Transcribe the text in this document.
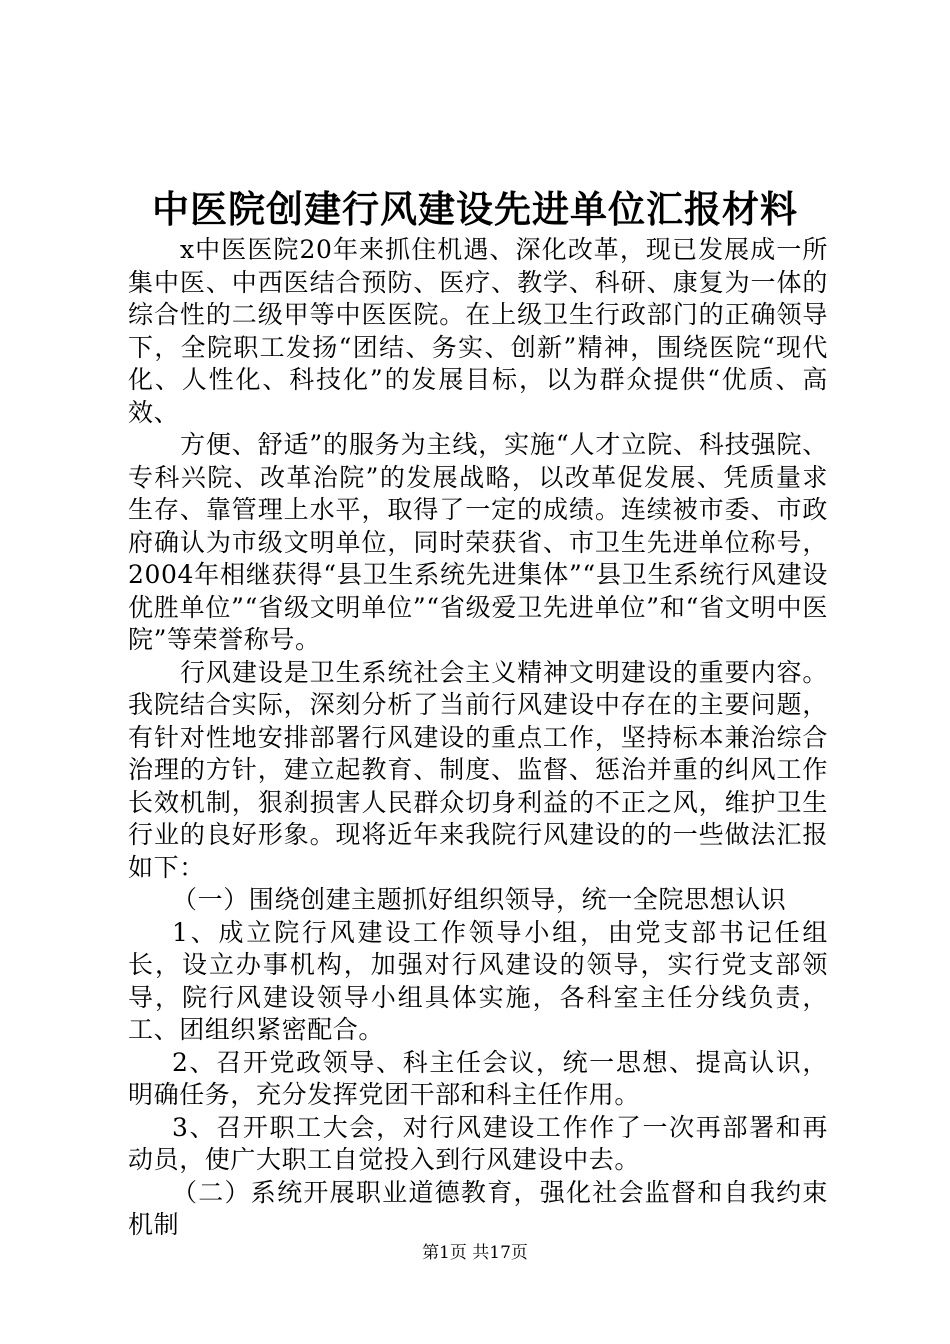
中医院创建行风建设先进单位汇报材料

x中医医院20年来抓住机遇、深化改革，现已发展成一所集中医、中西医结合预防、医疗、教学、科研、康复为一体的综合性的二级甲等中医医院。在上级卫生行政部门的正确领导下，全院职工发扬“团结、务实、创新”精神，围绕医院“现代化、人性化、科技化”的发展目标，以为群众提供“优质、高效、

方便、舒适”的服务为主线，实施“人才立院、科技强院、专科兴院、改革治院”的发展战略，以改革促发展、凭质量求生存、靠管理上水平，取得了一定的成绩。连续被市委、市政府确认为市级文明单位，同时荣获省、市卫生先进单位称号，2004年相继获得“县卫生系统先进集体”“县卫生系统行风建设优胜单位”“省级文明单位”“省级爱卫先进单位”和“省文明中医院”等荣誉称号。

行风建设是卫生系统社会主义精神文明建设的重要内容。我院结合实际，深刻分析了当前行风建设中存在的主要问题，有针对性地安排部署行风建设的重点工作，坚持标本兼治综合治理的方针，建立起教育、制度、监督、惩治并重的纠风工作长效机制，狠刹损害人民群众切身利益的不正之风，维护卫生行业的良好形象。现将近年来我院行风建设的的一些做法汇报如下：

（一）围绕创建主题抓好组织领导，统一全院思想认识

1、成立院行风建设工作领导小组，由党支部书记任组长，设立办事机构，加强对行风建设的领导，实行党支部领导，院行风建设领导小组具体实施，各科室主任分线负责，工、团组织紧密配合。

2、召开党政领导、科主任会议，统一思想、提高认识，明确任务，充分发挥党团干部和科主任作用。

3、召开职工大会，对行风建设工作作了一次再部署和再动员，使广大职工自觉投入到行风建设中去。

（二）系统开展职业道德教育，强化社会监督和自我约束机制

第1页 共17页
